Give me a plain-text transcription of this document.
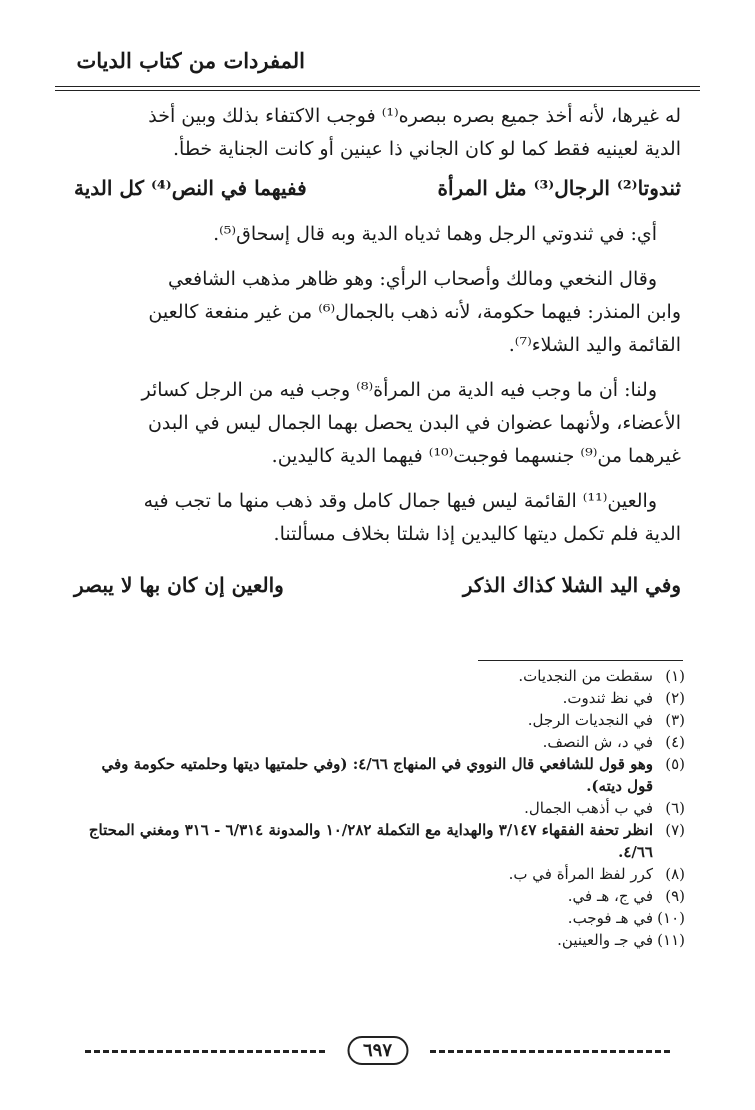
المفردات من كتاب الديات

له غيرها، لأنه أخذ جميع بصره ببصره⁽¹⁾ فوجب الاكتفاء بذلك وبين أخذ

الدية لعينيه فقط كما لو كان الجاني ذا عينين أو كانت الجناية خطأ.

ثندوتا⁽²⁾ الرجال⁽³⁾ مثل المرأة
ففيهما في النص⁽⁴⁾ كل الدية

أي: في ثندوتي الرجل وهما ثدياه الدية وبه قال إسحاق⁽⁵⁾.

وقال النخعي ومالك وأصحاب الرأي: وهو ظاهر مذهب الشافعي

وابن المنذر: فيهما حكومة، لأنه ذهب بالجمال⁽⁶⁾ من غير منفعة كالعين

القائمة واليد الشلاء⁽⁷⁾.

ولنا: أن ما وجب فيه الدية من المرأة⁽⁸⁾ وجب فيه من الرجل كسائر

الأعضاء، ولأنهما عضوان في البدن يحصل بهما الجمال ليس في البدن

غيرهما من⁽⁹⁾ جنسهما فوجبت⁽¹⁰⁾ فيهما الدية كاليدين.

والعين⁽¹¹⁾ القائمة ليس فيها جمال كامل وقد ذهب منها ما تجب فيه

الدية فلم تكمل ديتها كاليدين إذا شلتا بخلاف مسألتنا.

وفي اليد الشلا كذاك الذكر
والعين إن كان بها لا يبصر
(١)
سقطت من النجديات.
(٢)
في نظ ثندوت.
(٣)
في النجديات الرجل.
(٤)
في د، ش النصف.
(٥)
وهو قول للشافعي قال النووي في المنهاج ٤/٦٦: (وفي حلمتيها ديتها وحلمتيه حكومة وفي قول ديته).
(٦)
في ب أذهب الجمال.
(٧)
انظر تحفة الفقهاء ٣/١٤٧ والهداية مع التكملة ١٠/٢٨٢ والمدونة ٦/٣١٤ - ٣١٦ ومغني المحتاج ٤/٦٦.
(٨)
كرر لفظ المرأة في ب.
(٩)
في ج، هـ في.
(١٠)
في هـ فوجب.
(١١)
في جـ والعينين.
٦٩٧
